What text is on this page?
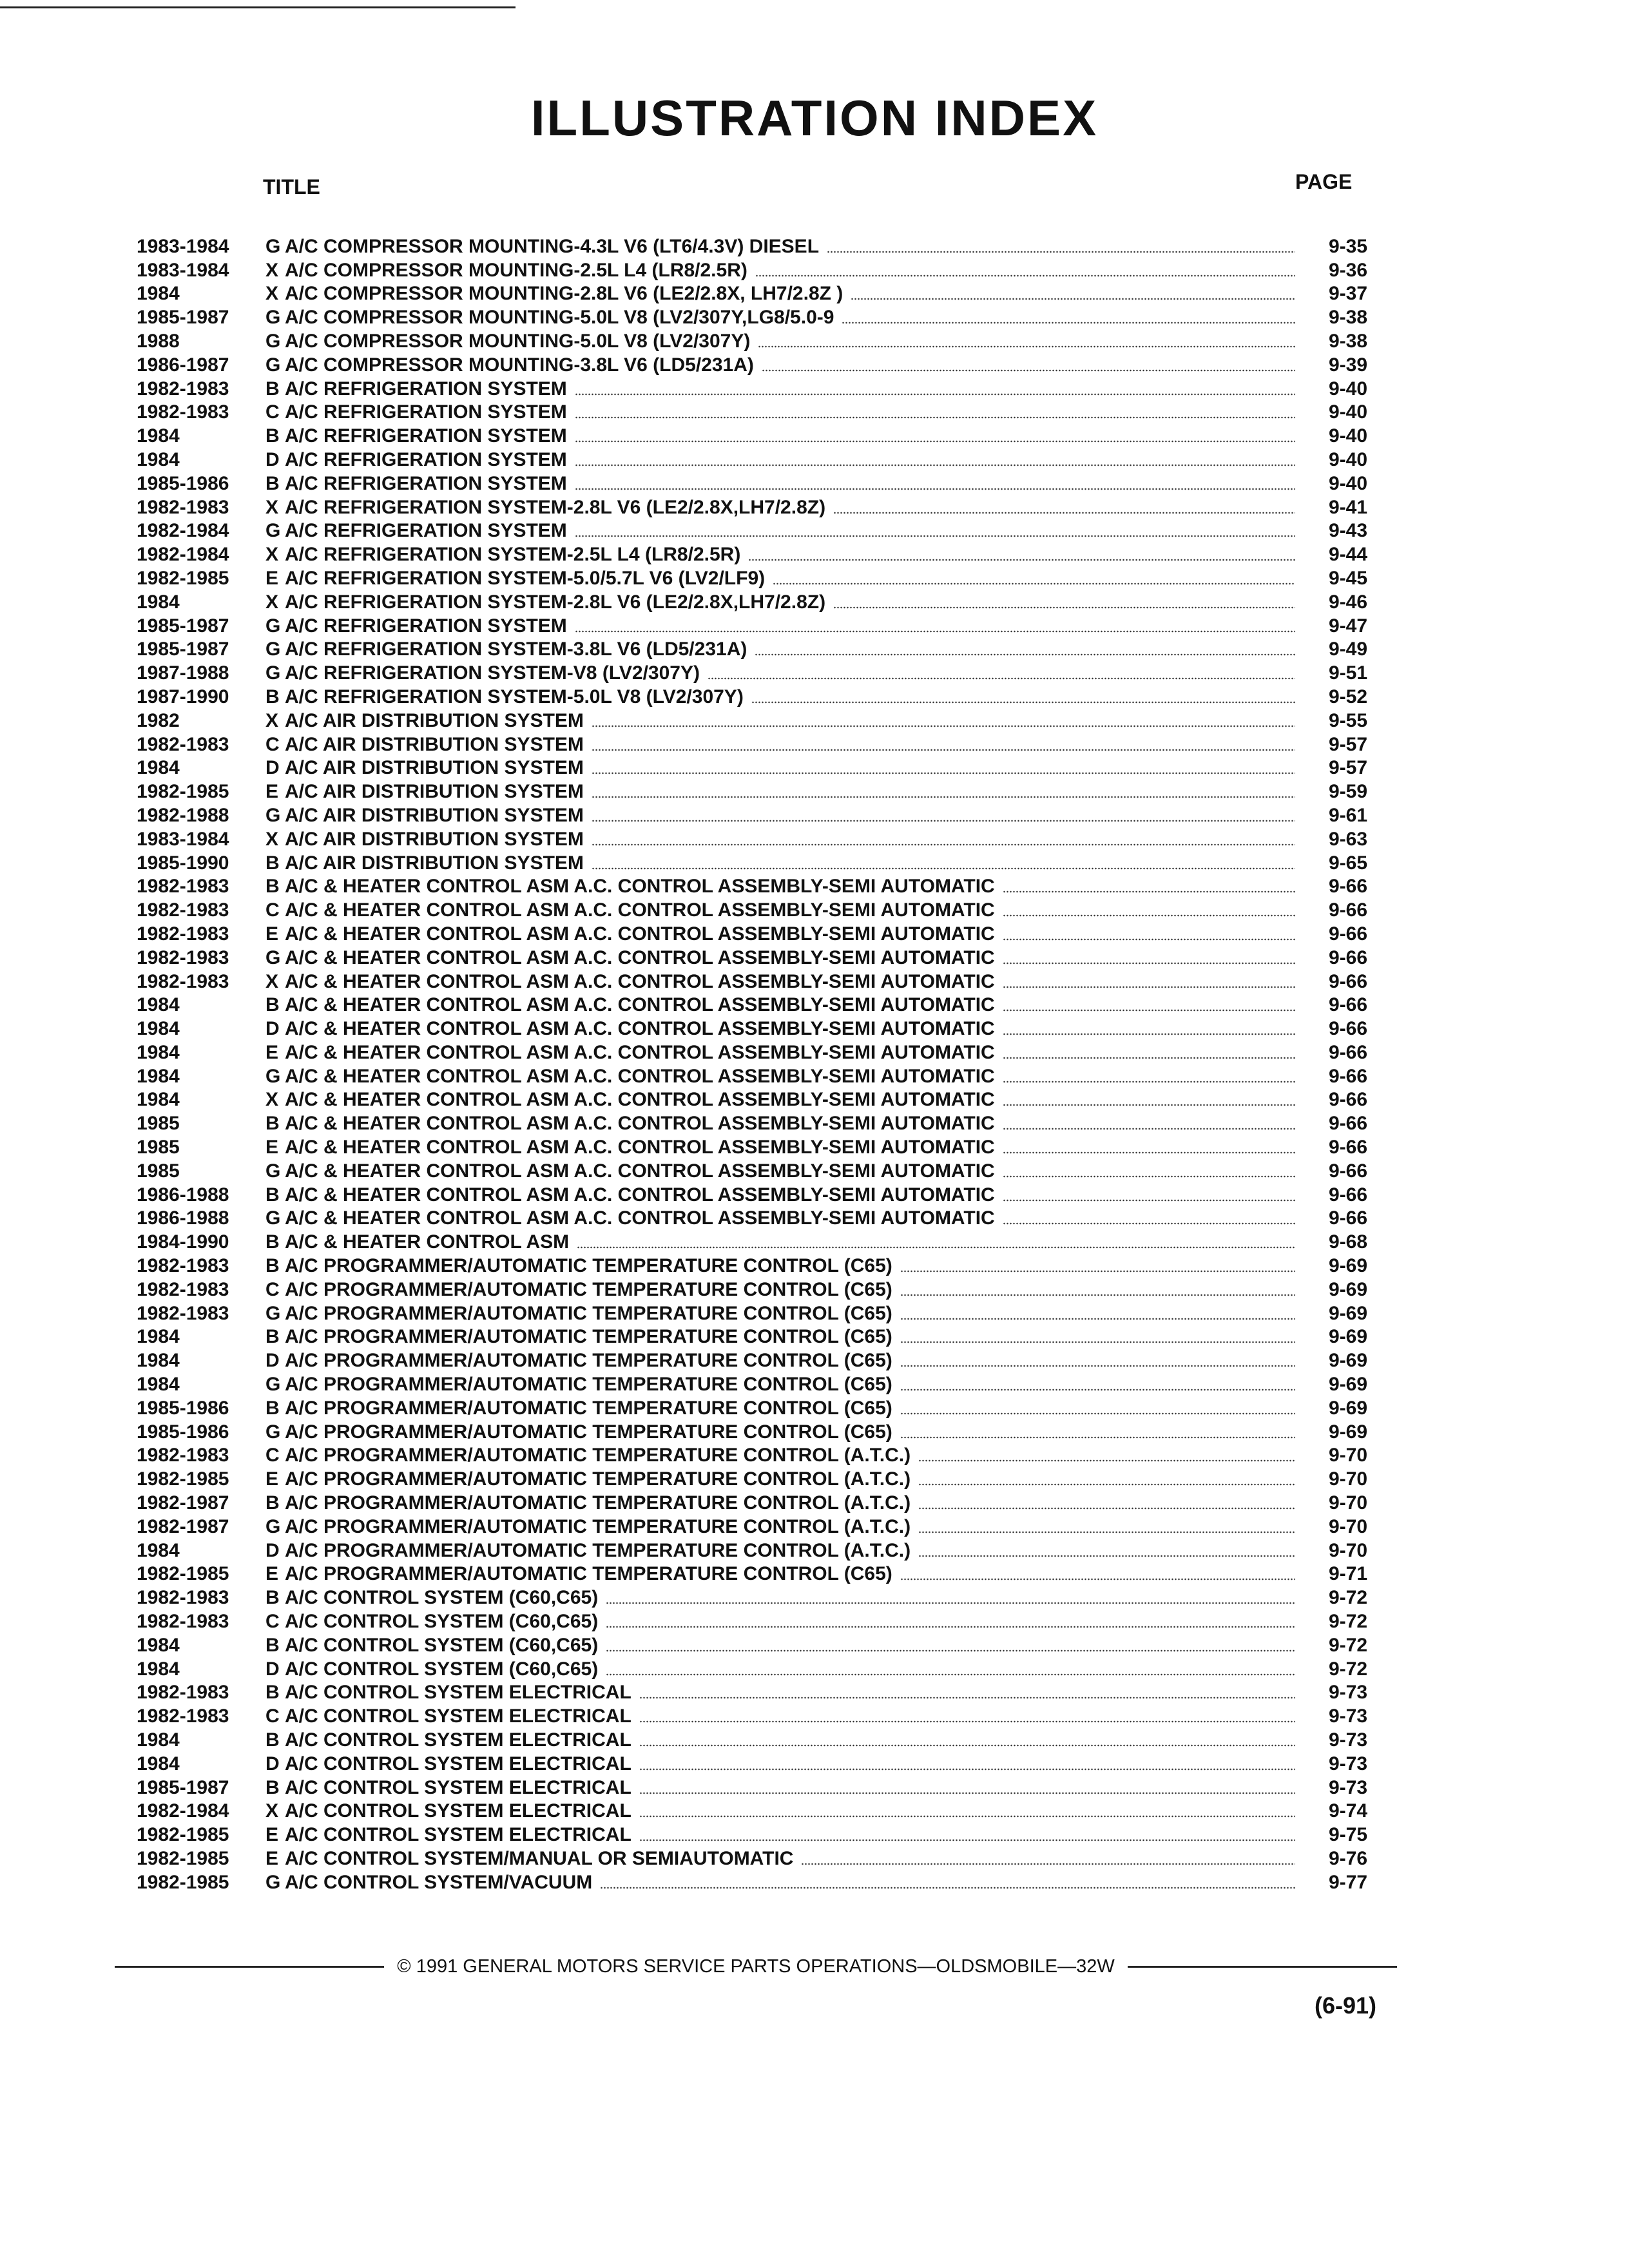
ILLUSTRATION INDEX
TITLE	PAGE
1983-1984	G A/C COMPRESSOR MOUNTING-4.3L V6 (LT6/4.3V) DIESEL	9-35
1983-1984	X A/C COMPRESSOR MOUNTING-2.5L L4 (LR8/2.5R)	9-36
1984	X A/C COMPRESSOR MOUNTING-2.8L V6 (LE2/2.8X, LH7/2.8Z )	9-37
1985-1987	G A/C COMPRESSOR MOUNTING-5.0L V8 (LV2/307Y,LG8/5.0-9	9-38
1988	G A/C COMPRESSOR MOUNTING-5.0L V8 (LV2/307Y)	9-38
1986-1987	G A/C COMPRESSOR MOUNTING-3.8L V6 (LD5/231A)	9-39
1982-1983	B A/C REFRIGERATION SYSTEM	9-40
1982-1983	C A/C REFRIGERATION SYSTEM	9-40
1984	B A/C REFRIGERATION SYSTEM	9-40
1984	D A/C REFRIGERATION SYSTEM	9-40
1985-1986	B A/C REFRIGERATION SYSTEM	9-40
1982-1983	X A/C REFRIGERATION SYSTEM-2.8L V6 (LE2/2.8X,LH7/2.8Z)	9-41
1982-1984	G A/C REFRIGERATION SYSTEM	9-43
1982-1984	X A/C REFRIGERATION SYSTEM-2.5L L4 (LR8/2.5R)	9-44
1982-1985	E A/C REFRIGERATION SYSTEM-5.0/5.7L V6 (LV2/LF9)	9-45
1984	X A/C REFRIGERATION SYSTEM-2.8L V6 (LE2/2.8X,LH7/2.8Z)	9-46
1985-1987	G A/C REFRIGERATION SYSTEM	9-47
1985-1987	G A/C REFRIGERATION SYSTEM-3.8L V6 (LD5/231A)	9-49
1987-1988	G A/C REFRIGERATION SYSTEM-V8 (LV2/307Y)	9-51
1987-1990	B A/C REFRIGERATION SYSTEM-5.0L V8 (LV2/307Y)	9-52
1982	X A/C AIR DISTRIBUTION SYSTEM	9-55
1982-1983	C A/C AIR DISTRIBUTION SYSTEM	9-57
1984	D A/C AIR DISTRIBUTION SYSTEM	9-57
1982-1985	E A/C AIR DISTRIBUTION SYSTEM	9-59
1982-1988	G A/C AIR DISTRIBUTION SYSTEM	9-61
1983-1984	X A/C AIR DISTRIBUTION SYSTEM	9-63
1985-1990	B A/C AIR DISTRIBUTION SYSTEM	9-65
1982-1983	B A/C & HEATER CONTROL ASM A.C. CONTROL ASSEMBLY-SEMI AUTOMATIC	9-66
1982-1983	C A/C & HEATER CONTROL ASM A.C. CONTROL ASSEMBLY-SEMI AUTOMATIC	9-66
1982-1983	E A/C & HEATER CONTROL ASM A.C. CONTROL ASSEMBLY-SEMI AUTOMATIC	9-66
1982-1983	G A/C & HEATER CONTROL ASM A.C. CONTROL ASSEMBLY-SEMI AUTOMATIC	9-66
1982-1983	X A/C & HEATER CONTROL ASM A.C. CONTROL ASSEMBLY-SEMI AUTOMATIC	9-66
1984	B A/C & HEATER CONTROL ASM A.C. CONTROL ASSEMBLY-SEMI AUTOMATIC	9-66
1984	D A/C & HEATER CONTROL ASM A.C. CONTROL ASSEMBLY-SEMI AUTOMATIC	9-66
1984	E A/C & HEATER CONTROL ASM A.C. CONTROL ASSEMBLY-SEMI AUTOMATIC	9-66
1984	G A/C & HEATER CONTROL ASM A.C. CONTROL ASSEMBLY-SEMI AUTOMATIC	9-66
1984	X A/C & HEATER CONTROL ASM A.C. CONTROL ASSEMBLY-SEMI AUTOMATIC	9-66
1985	B A/C & HEATER CONTROL ASM A.C. CONTROL ASSEMBLY-SEMI AUTOMATIC	9-66
1985	E A/C & HEATER CONTROL ASM A.C. CONTROL ASSEMBLY-SEMI AUTOMATIC	9-66
1985	G A/C & HEATER CONTROL ASM A.C. CONTROL ASSEMBLY-SEMI AUTOMATIC	9-66
1986-1988	B A/C & HEATER CONTROL ASM A.C. CONTROL ASSEMBLY-SEMI AUTOMATIC	9-66
1986-1988	G A/C & HEATER CONTROL ASM A.C. CONTROL ASSEMBLY-SEMI AUTOMATIC	9-66
1984-1990	B A/C & HEATER CONTROL ASM	9-68
1982-1983	B A/C PROGRAMMER/AUTOMATIC TEMPERATURE CONTROL (C65)	9-69
1982-1983	C A/C PROGRAMMER/AUTOMATIC TEMPERATURE CONTROL (C65)	9-69
1982-1983	G A/C PROGRAMMER/AUTOMATIC TEMPERATURE CONTROL (C65)	9-69
1984	B A/C PROGRAMMER/AUTOMATIC TEMPERATURE CONTROL (C65)	9-69
1984	D A/C PROGRAMMER/AUTOMATIC TEMPERATURE CONTROL (C65)	9-69
1984	G A/C PROGRAMMER/AUTOMATIC TEMPERATURE CONTROL (C65)	9-69
1985-1986	B A/C PROGRAMMER/AUTOMATIC TEMPERATURE CONTROL (C65)	9-69
1985-1986	G A/C PROGRAMMER/AUTOMATIC TEMPERATURE CONTROL (C65)	9-69
1982-1983	C A/C PROGRAMMER/AUTOMATIC TEMPERATURE CONTROL (A.T.C.)	9-70
1982-1985	E A/C PROGRAMMER/AUTOMATIC TEMPERATURE CONTROL (A.T.C.)	9-70
1982-1987	B A/C PROGRAMMER/AUTOMATIC TEMPERATURE CONTROL (A.T.C.)	9-70
1982-1987	G A/C PROGRAMMER/AUTOMATIC TEMPERATURE CONTROL (A.T.C.)	9-70
1984	D A/C PROGRAMMER/AUTOMATIC TEMPERATURE CONTROL (A.T.C.)	9-70
1982-1985	E A/C PROGRAMMER/AUTOMATIC TEMPERATURE CONTROL (C65)	9-71
1982-1983	B A/C CONTROL SYSTEM (C60,C65)	9-72
1982-1983	C A/C CONTROL SYSTEM (C60,C65)	9-72
1984	B A/C CONTROL SYSTEM (C60,C65)	9-72
1984	D A/C CONTROL SYSTEM (C60,C65)	9-72
1982-1983	B A/C CONTROL SYSTEM ELECTRICAL	9-73
1982-1983	C A/C CONTROL SYSTEM ELECTRICAL	9-73
1984	B A/C CONTROL SYSTEM ELECTRICAL	9-73
1984	D A/C CONTROL SYSTEM ELECTRICAL	9-73
1985-1987	B A/C CONTROL SYSTEM ELECTRICAL	9-73
1982-1984	X A/C CONTROL SYSTEM ELECTRICAL	9-74
1982-1985	E A/C CONTROL SYSTEM ELECTRICAL	9-75
1982-1985	E A/C CONTROL SYSTEM/MANUAL OR SEMIAUTOMATIC	9-76
1982-1985	G A/C CONTROL SYSTEM/VACUUM	9-77
© 1991 GENERAL MOTORS SERVICE PARTS OPERATIONS—OLDSMOBILE—32W
(6-91)
